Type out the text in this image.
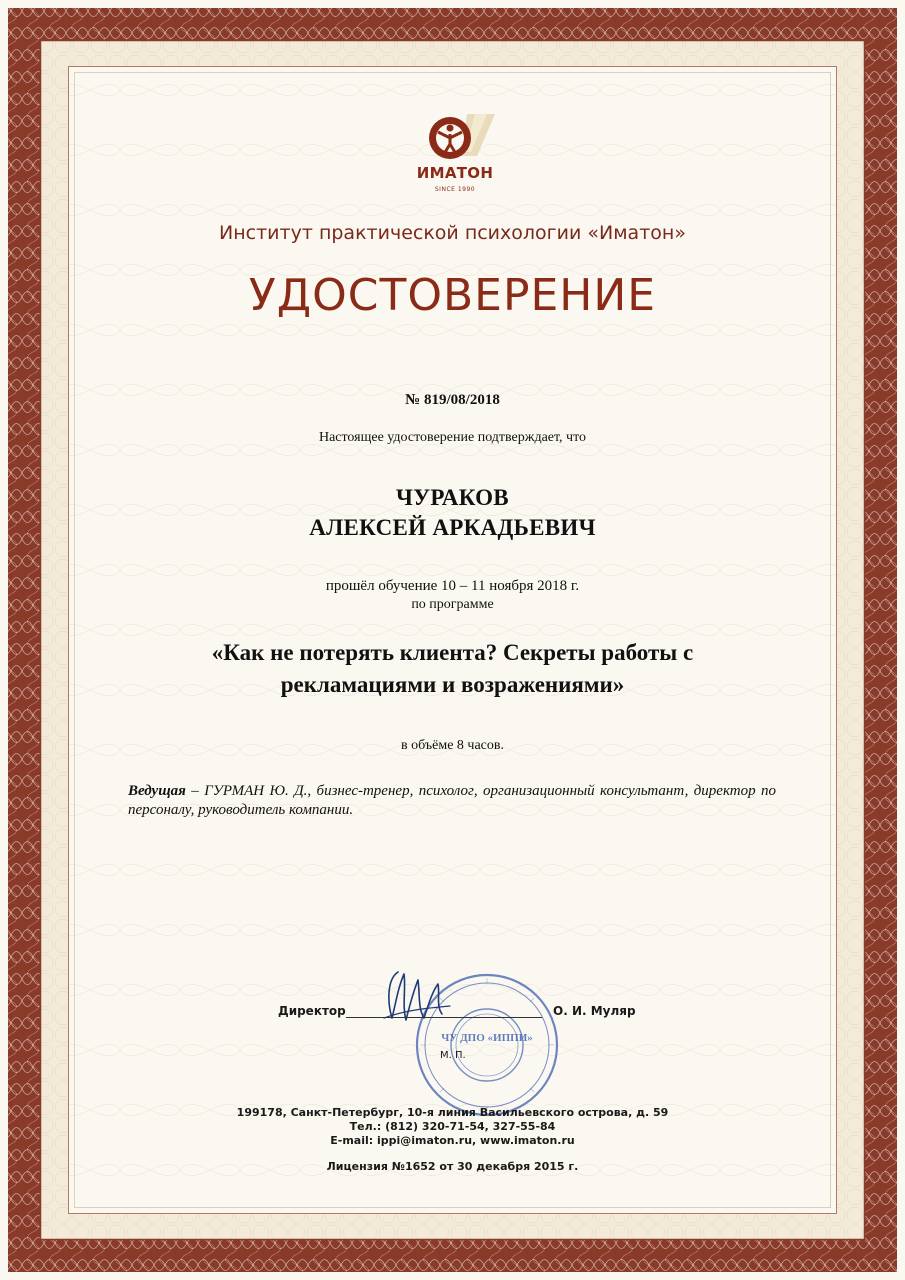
ИМАТОН
SINCE 1990
Институт практической психологии «Иматон»
УДОСТОВЕРЕНИЕ
№ 819/08/2018
Настоящее удостоверение подтверждает, что
ЧУРАКОВ
АЛЕКСЕЙ АРКАДЬЕВИЧ
прошёл обучение 10 – 11 ноября 2018 г.
по программе
«Как не потерять клиента? Секреты работы с
рекламациями и возражениями»
в объёме 8 часов.
Ведущая – ГУРМАН Ю. Д., бизнес-тренер, психолог, организационный консультант, директор по персоналу, руководитель компании.
ЧУ ДПО «ИППИ»
Директор	О. И. Муляр
М. П.
199178, Санкт-Петербург, 10-я линия Васильевского острова, д. 59
Тел.: (812) 320-71-54, 327-55-84
E-mail: ippi@imaton.ru, www.imaton.ru
Лицензия №1652 от 30 декабря 2015 г.
